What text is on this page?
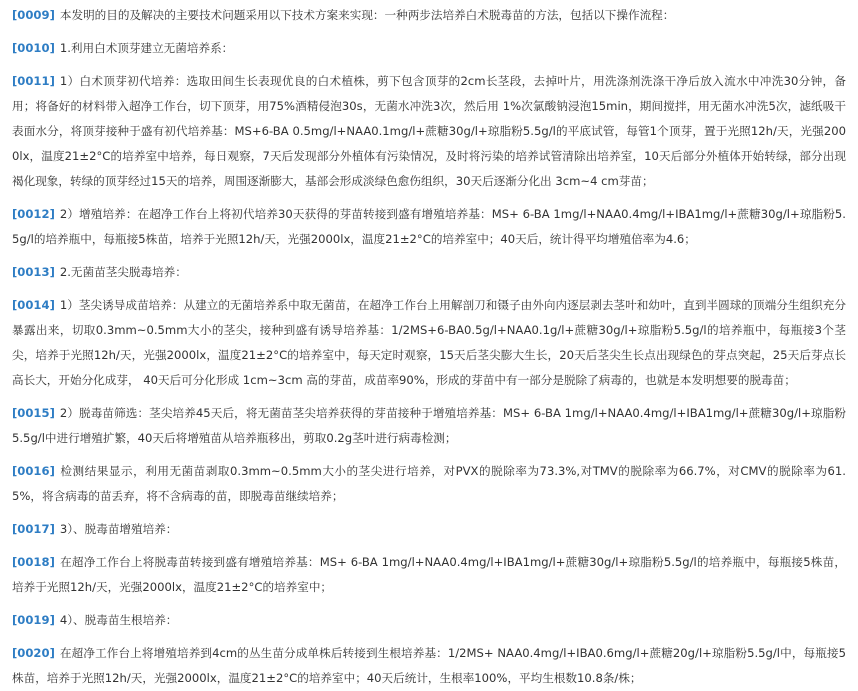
[0009] 本发明的目的及解决的主要技术问题采用以下技术方案来实现：一种两步法培养白术脱毒苗的方法，包括以下操作流程：

[0010] 1.利用白术顶芽建立无菌培养系：

[0011] 1）白术顶芽初代培养：选取田间生长表现优良的白术植株，剪下包含顶芽的2cm长茎段，去掉叶片，用洗涤剂洗涤干净后放入流水中冲洗30分钟，备用；将备好的材料带入超净工作台，切下顶芽，用75%酒精侵泡30s，无菌水冲洗3次，然后用 1%次氯酸钠浸泡15min，期间搅拌，用无菌水冲洗5次，滤纸吸干表面水分，将顶芽接种于盛有初代培养基：MS+6-BA 0.5mg/l+NAA0.1mg/l+蔗糖30g/l+琼脂粉5.5g/l的平底试管，每管1个顶芽，置于光照12h/天，光强2000lx，温度21±2°C的培养室中培养，每日观察，7天后发现部分外植体有污染情况，及时将污染的培养试管清除出培养室，10天后部分外植体开始转绿，部分出现褐化现象，转绿的顶芽经过15天的培养，周围逐渐膨大，基部会形成淡绿色愈伤组织，30天后逐渐分化出 3cm~4 cm芽苗；

[0012] 2）增殖培养：在超净工作台上将初代培养30天获得的芽苗转接到盛有增殖培养基：MS+ 6-BA 1mg/l+NAA0.4mg/l+IBA1mg/l+蔗糖30g/l+琼脂粉5.5g/l的培养瓶中，每瓶接5株苗，培养于光照12h/天，光强2000lx，温度21±2°C的培养室中；40天后，统计得平均增殖倍率为4.6；

[0013] 2.无菌苗茎尖脱毒培养：

[0014] 1）茎尖诱导成苗培养：从建立的无菌培养系中取无菌苗，在超净工作台上用解剖刀和镊子由外向内逐层剥去茎叶和幼叶，直到半圆球的顶端分生组织充分暴露出来，切取0.3mm~0.5mm大小的茎尖，接种到盛有诱导培养基：1/2MS+6-BA0.5g/l+NAA0.1g/l+蔗糖30g/l+琼脂粉5.5g/l的培养瓶中，每瓶接3个茎尖，培养于光照12h/天，光强2000lx，温度21±2°C的培养室中，每天定时观察，15天后茎尖膨大生长，20天后茎尖生长点出现绿色的芽点突起，25天后芽点长高长大，开始分化成芽， 40天后可分化形成 1cm~3cm 高的芽苗，成苗率90%，形成的芽苗中有一部分是脱除了病毒的，也就是本发明想要的脱毒苗；

[0015] 2）脱毒苗筛选：茎尖培养45天后，将无菌苗茎尖培养获得的芽苗接种于增殖培养基：MS+ 6-BA 1mg/l+NAA0.4mg/l+IBA1mg/l+蔗糖30g/l+琼脂粉5.5g/l中进行增殖扩繁，40天后将增殖苗从培养瓶移出，剪取0.2g茎叶进行病毒检测；

[0016] 检测结果显示，利用无菌苗剥取0.3mm~0.5mm大小的茎尖进行培养，对PVX的脱除率为73.3%,对TMV的脱除率为66.7%，对CMV的脱除率为61.5%，将含病毒的苗丢弃，将不含病毒的苗，即脱毒苗继续培养；

[0017] 3）、脱毒苗增殖培养：

[0018] 在超净工作台上将脱毒苗转接到盛有增殖培养基：MS+ 6-BA 1mg/l+NAA0.4mg/l+IBA1mg/l+蔗糖30g/l+琼脂粉5.5g/l的培养瓶中，每瓶接5株苗，培养于光照12h/天，光强2000lx，温度21±2°C的培养室中；

[0019] 4）、脱毒苗生根培养：

[0020] 在超净工作台上将增殖培养到4cm的丛生苗分成单株后转接到生根培养基：1/2MS+ NAA0.4mg/l+IBA0.6mg/l+蔗糖20g/l+琼脂粉5.5g/l中，每瓶接5株苗，培养于光照12h/天，光强2000lx，温度21±2°C的培养室中；40天后统计，生根率100%，平均生根数10.8条/株；
